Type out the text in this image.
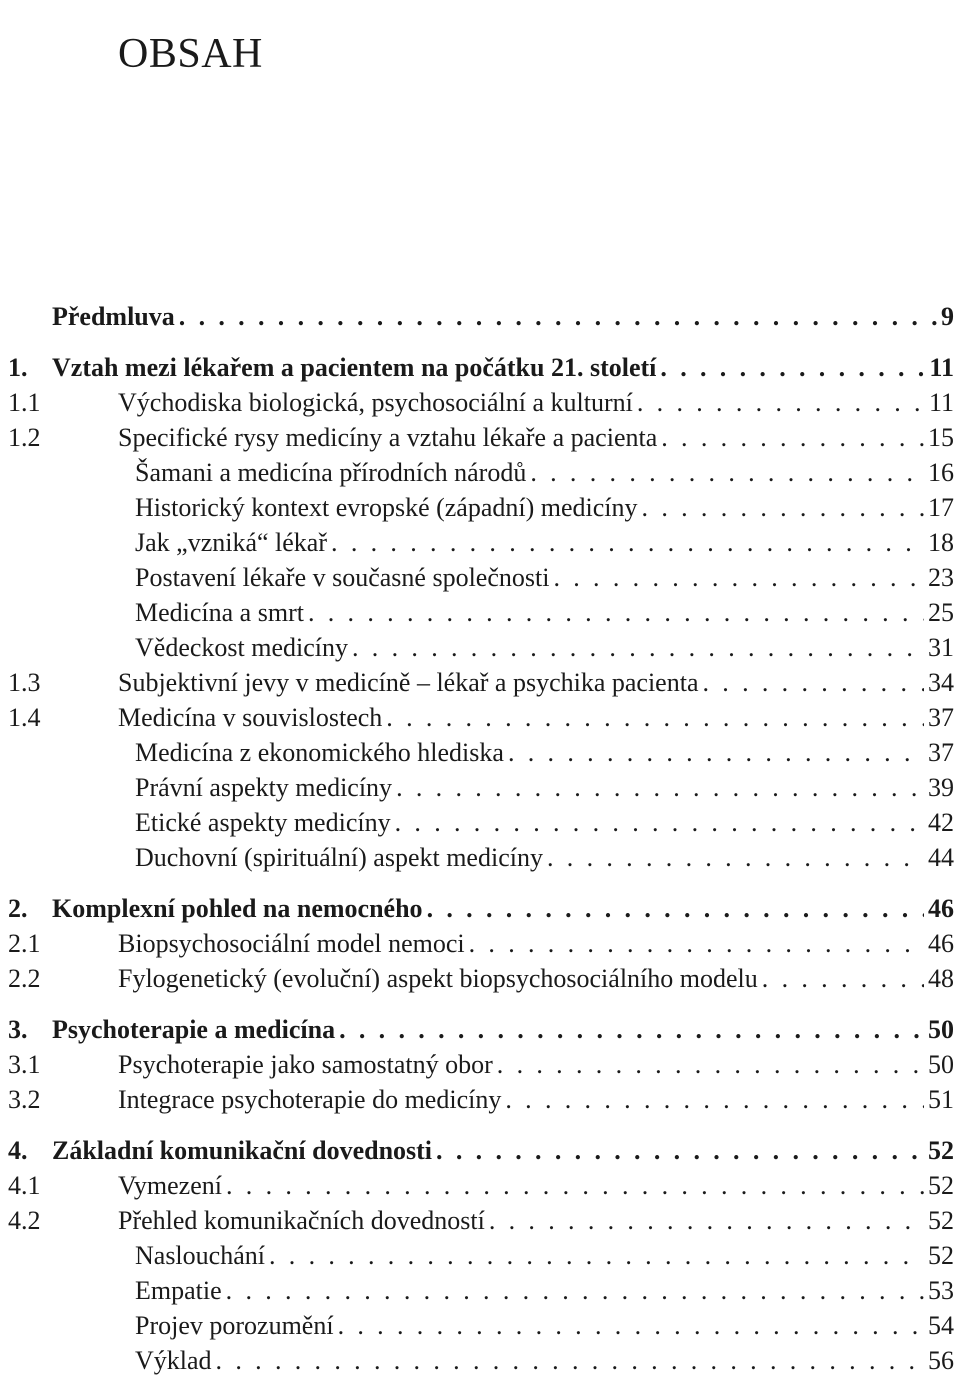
OBSAH
Předmluva . . .	9
1. Vztah mezi lékařem a pacientem na počátku 21. století . . .	11
1.1	Východiska biologická, psychosociální a kulturní . . .	11
1.2	Specifické rysy medicíny a vztahu lékaře a pacienta . . .	15
Šamani a medicína přírodních národů . . .	16
Historický kontext evropské (západní) medicíny . . .	17
Jak „vzniká“ lékař . . .	18
Postavení lékaře v současné společnosti . . .	23
Medicína a smrt . . .	25
Vědeckost medicíny . . .	31
1.3	Subjektivní jevy v medicíně – lékař a psychika pacienta . . .	34
1.4	Medicína v souvislostech . . .	37
Medicína z ekonomického hlediska . . .	37
Právní aspekty medicíny . . .	39
Etické aspekty medicíny . . .	42
Duchovní (spirituální) aspekt medicíny . . .	44
2. Komplexní pohled na nemocného . . .	46
2.1	Biopsychosociální model nemoci . . .	46
2.2	Fylogenetický (evoluční) aspekt biopsychosociálního modelu . . .	48
3. Psychoterapie a medicína . . .	50
3.1	Psychoterapie jako samostatný obor . . .	50
3.2	Integrace psychoterapie do medicíny . . .	51
4. Základní komunikační dovednosti . . .	52
4.1	Vymezení . . .	52
4.2	Přehled komunikačních dovedností . . .	52
Naslouchání . . .	52
Empatie . . .	53
Projev porozumění . . .	54
Výklad . . .	56
